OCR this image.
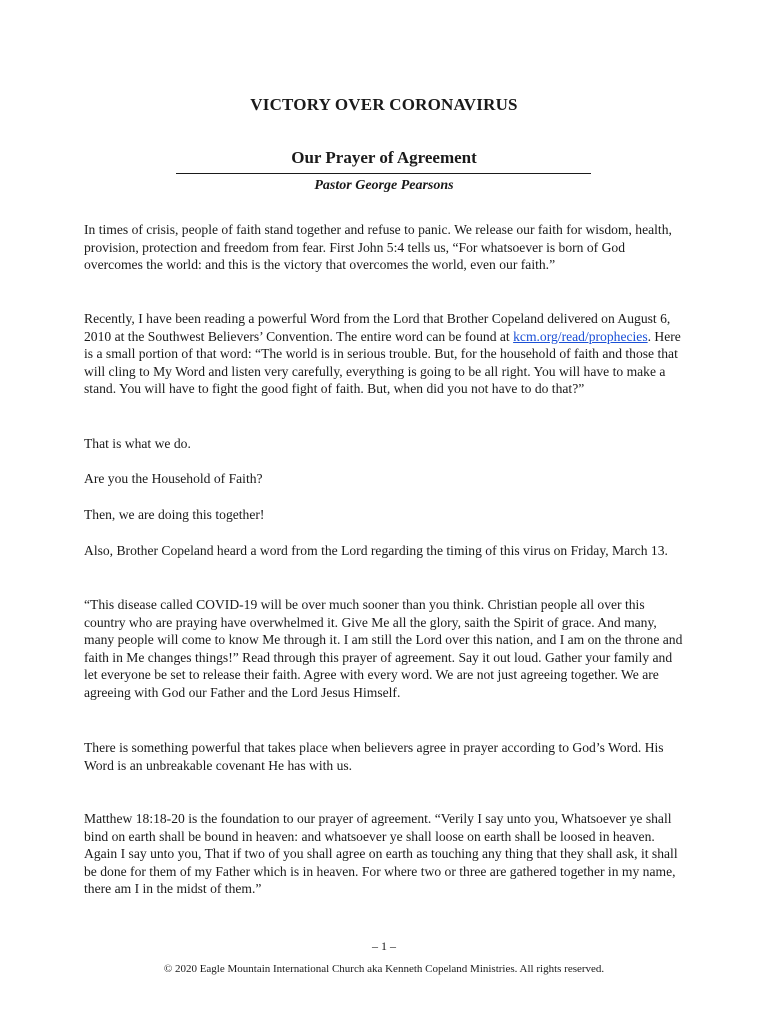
VICTORY OVER CORONAVIRUS
Our Prayer of Agreement
Pastor George Pearsons

In times of crisis, people of faith stand together and refuse to panic. We release our faith for wisdom, health, provision, protection and freedom from fear. First John 5:4 tells us, “For whatsoever is born of God overcomes the world: and this is the victory that overcomes the world, even our faith.”

Recently, I have been reading a powerful Word from the Lord that Brother Copeland delivered on August 6, 2010 at the Southwest Believers’ Convention. The entire word can be found at kcm.org/read/prophecies. Here is a small portion of that word: “The world is in serious trouble. But, for the household of faith and those that will cling to My Word and listen very carefully, everything is going to be all right. You will have to make a stand. You will have to fight the good fight of faith. But, when did you not have to do that?”

That is what we do.

Are you the Household of Faith?

Then, we are doing this together!

Also, Brother Copeland heard a word from the Lord regarding the timing of this virus on Friday, March 13.

“This disease called COVID-19 will be over much sooner than you think. Christian people all over this country who are praying have overwhelmed it. Give Me all the glory, saith the Spirit of grace. And many, many people will come to know Me through it. I am still the Lord over this nation, and I am on the throne and faith in Me changes things!” Read through this prayer of agreement. Say it out loud. Gather your family and let everyone be set to release their faith. Agree with every word. We are not just agreeing together. We are agreeing with God our Father and the Lord Jesus Himself.

There is something powerful that takes place when believers agree in prayer according to God’s Word. His Word is an unbreakable covenant He has with us.

Matthew 18:18-20 is the foundation to our prayer of agreement. “Verily I say unto you, Whatsoever ye shall bind on earth shall be bound in heaven: and whatsoever ye shall loose on earth shall be loosed in heaven. Again I say unto you, That if two of you shall agree on earth as touching any thing that they shall ask, it shall be done for them of my Father which is in heaven. For where two or three are gathered together in my name, there am I in the midst of them.”

– 1 –
© 2020 Eagle Mountain International Church aka Kenneth Copeland Ministries. All rights reserved.
